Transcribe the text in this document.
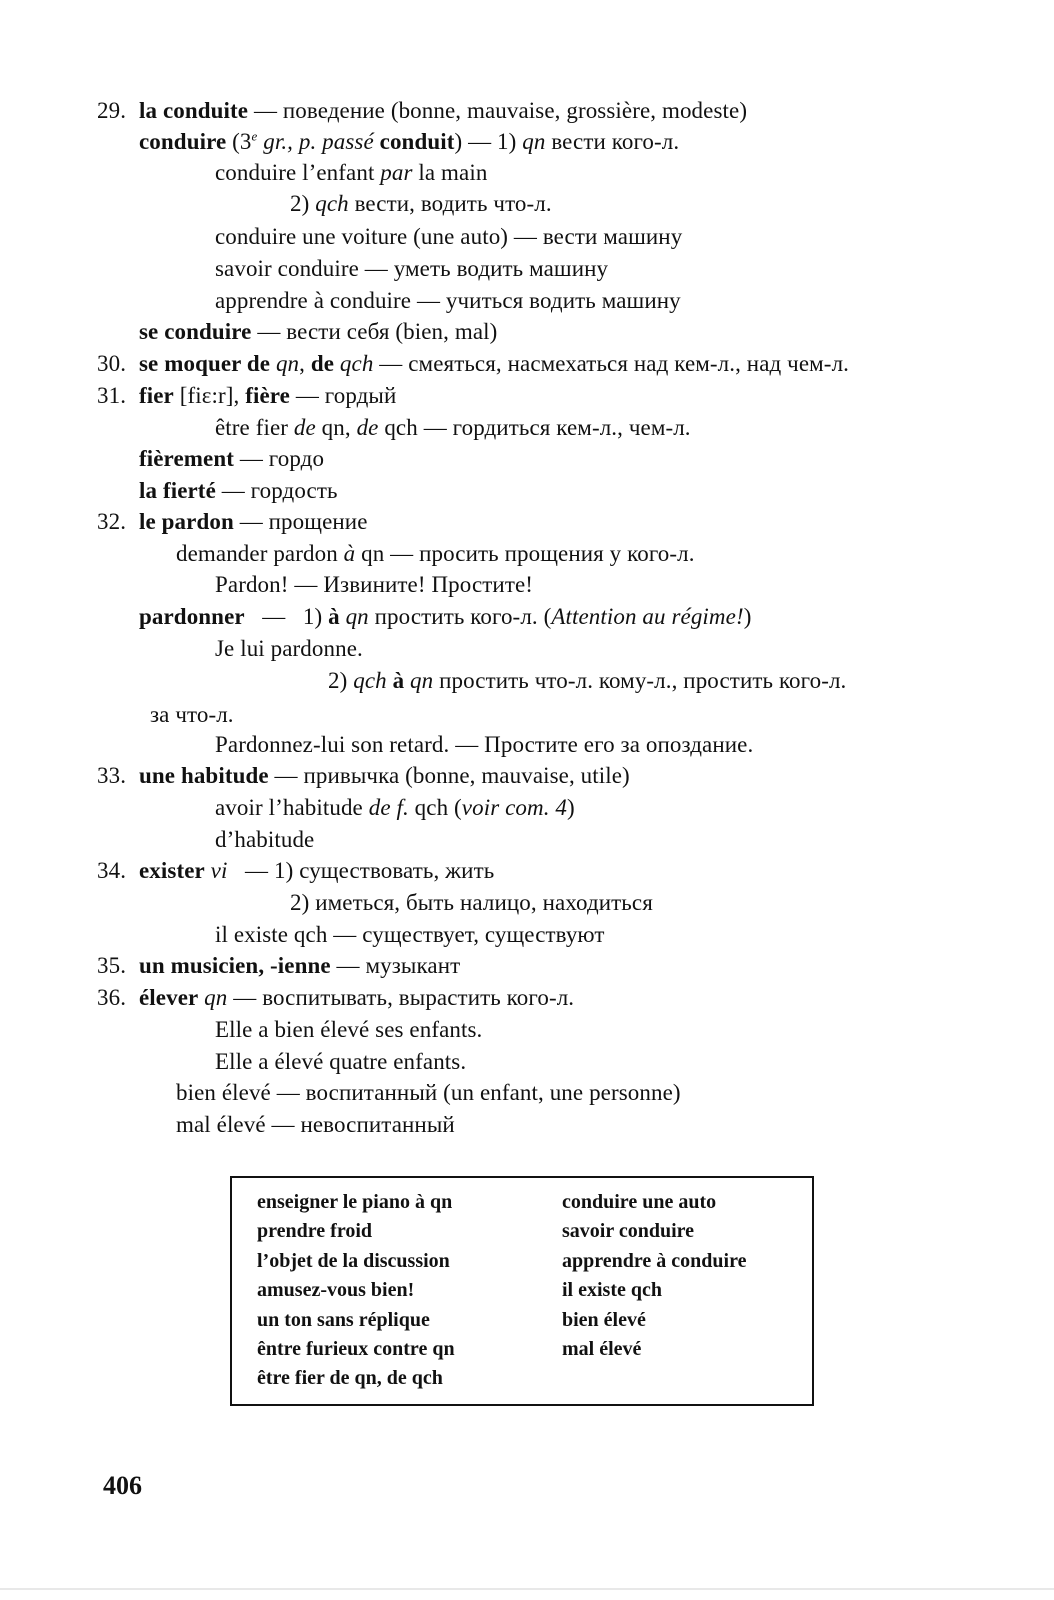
29. la conduite — поведение (bonne, mauvaise, grossière, modeste)
conduire (3e gr., p. passé conduit) — 1) qn вести кого-л.
conduire l’enfant par la main
2) qch вести, водить что-л.
conduire une voiture (une auto) — вести машину
savoir conduire — уметь водить машину
apprendre à conduire — учиться водить машину
se conduire — вести себя (bien, mal)
30. se moquer de qn, de qch — смеяться, насмехаться над кем-л., над чем-л.
31. fier [fiɛ:r], fière — гордый
être fier de qn, de qch — гордиться кем-л., чем-л.
fièrement — гордо
la fierté — гордость
32. le pardon — прощение
demander pardon à qn — просить прощения у кого-л.
Pardon! — Извините! Простите!
pardonner   —   1) à qn простить кого-л. (Attention au régime!)
Je lui pardonne.
2) qch à qn простить что-л. кому-л., простить кого-л.
за что-л.
Pardonnez-lui son retard. — Простите его за опоздание.
33. une habitude — привычка (bonne, mauvaise, utile)
avoir l’habitude de f. qch (voir com. 4)
d’habitude
34. exister vi   — 1) существовать, жить
2) иметься, быть налицо, находиться
il existe qch — существует, существуют
35. un musicien, -ienne — музыкант
36. élever qn — воспитывать, вырастить кого-л.
Elle a bien élevé ses enfants.
Elle a élevé quatre enfants.
bien élevé — воспитанный (un enfant, une personne)
mal élevé — невоспитанный
enseigner le piano à qn
prendre froid
l’objet de la discussion
amusez-vous bien!
un ton sans réplique
êntre furieux contre qn
être fier de qn, de qch
conduire une auto
savoir conduire
apprendre à conduire
il existe qch
bien élevé
mal élevé
406
